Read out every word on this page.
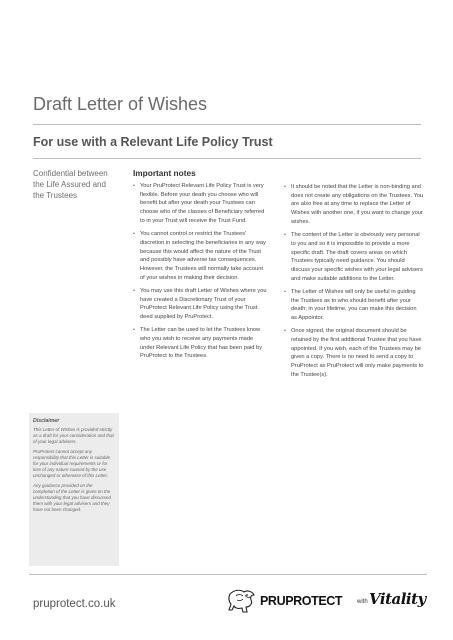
Draft Letter of Wishes
For use with a Relevant Life Policy Trust
Confidential between the Life Assured and the Trustees
Important notes
• Your PruProtect Relevant Life Policy Trust is very flexible. Before your death you choose who will benefit but after your death your Trustees can choose who of the classes of Beneficiary referred to in your Trust will receive the Trust Fund.
• You cannot control or restrict the Trustees' discretion in selecting the beneficiaries in any way because this would affect the nature of the Trust and possibly have adverse tax consequences. However, the Trustees will normally take account of your wishes in making their decision.
• You may use this draft Letter of Wishes where you have created a Discretionary Trust of your PruProtect Relevant Life Policy using the Trust deed supplied by PruProtect.
• The Letter can be used to let the Trustees know who you wish to receive any payments made under Relevant Life Policy that has been paid by PruProtect to the Trustees.
• It should be noted that the Letter is non-binding and does not create any obligations on the Trustees. You are also free at any time to replace the Letter of Wishes with another one, if you want to change your wishes.
• The content of the Letter is obviously very personal to you and so it is impossible to provide a more specific draft. The draft covers areas on which Trustees typically need guidance. You should discuss your specific wishes with your legal advisers and make suitable additions to the Letter.
• The Letter of Wishes will only be useful in guiding the Trustees as to who should benefit after your death; in your lifetime, you can make this decision as Appointor.
• Once signed, the original document should be retained by the first additional Trustee that you have appointed. If you wish, each of the Trustees may be given a copy. There is no need to send a copy to PruProtect as PruProtect will only make payments to the Trustee(s).
Disclaimer

This Letter of Wishes is provided strictly as a draft for your consideration and that of your legal advisers.

PruProtect cannot accept any responsibility that this Letter is suitable for your individual requirements or for loss of any nature caused by the use unchanged or otherwise of this Letter.

Any guidance provided on the completion of the Letter is given on the understanding that you have discussed them with your legal advisers and they have not been changed.

pruprotect.co.uk	PRUPROTECT with Vitality
